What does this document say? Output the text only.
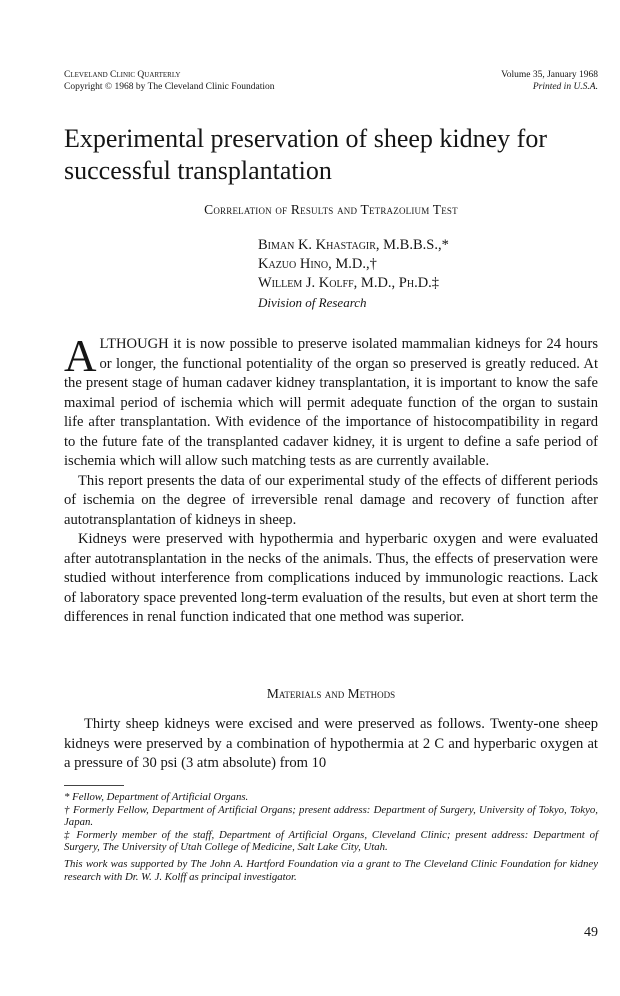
Cleveland Clinic Quarterly
Copyright © 1968 by The Cleveland Clinic Foundation
Volume 35, January 1968
Printed in U.S.A.
Experimental preservation of sheep kidney for successful transplantation
Correlation of Results and Tetrazolium Test
Biman K. Khastagir, M.B.B.S.,*
Kazuo Hino, M.D.,†
Willem J. Kolff, M.D., Ph.D.‡
Division of Research

ALTHOUGH it is now possible to preserve isolated mammalian kidneys for 24 hours or longer, the functional potentiality of the organ so preserved is greatly reduced. At the present stage of human cadaver kidney transplantation, it is important to know the safe maximal period of ischemia which will permit adequate function of the organ to sustain life after transplantation. With evidence of the importance of histocompatibility in regard to the future fate of the transplanted cadaver kidney, it is urgent to define a safe period of ischemia which will allow such matching tests as are currently available.

This report presents the data of our experimental study of the effects of different periods of ischemia on the degree of irreversible renal damage and recovery of function after autotransplantation of kidneys in sheep.

Kidneys were preserved with hypothermia and hyperbaric oxygen and were evaluated after autotransplantation in the necks of the animals. Thus, the effects of preservation were studied without interference from complications induced by immunologic reactions. Lack of laboratory space prevented long-term evaluation of the results, but even at short term the differences in renal function indicated that one method was superior.

Materials and Methods

Thirty sheep kidneys were excised and were preserved as follows. Twenty-one sheep kidneys were preserved by a combination of hypothermia at 2 C and hyperbaric oxygen at a pressure of 30 psi (3 atm absolute) from 10

* Fellow, Department of Artificial Organs.

† Formerly Fellow, Department of Artificial Organs; present address: Department of Surgery, University of Tokyo, Tokyo, Japan.

‡ Formerly member of the staff, Department of Artificial Organs, Cleveland Clinic; present address: Department of Surgery, The University of Utah College of Medicine, Salt Lake City, Utah.

This work was supported by The John A. Hartford Foundation via a grant to The Cleveland Clinic Foundation for kidney research with Dr. W. J. Kolff as principal investigator.

49
